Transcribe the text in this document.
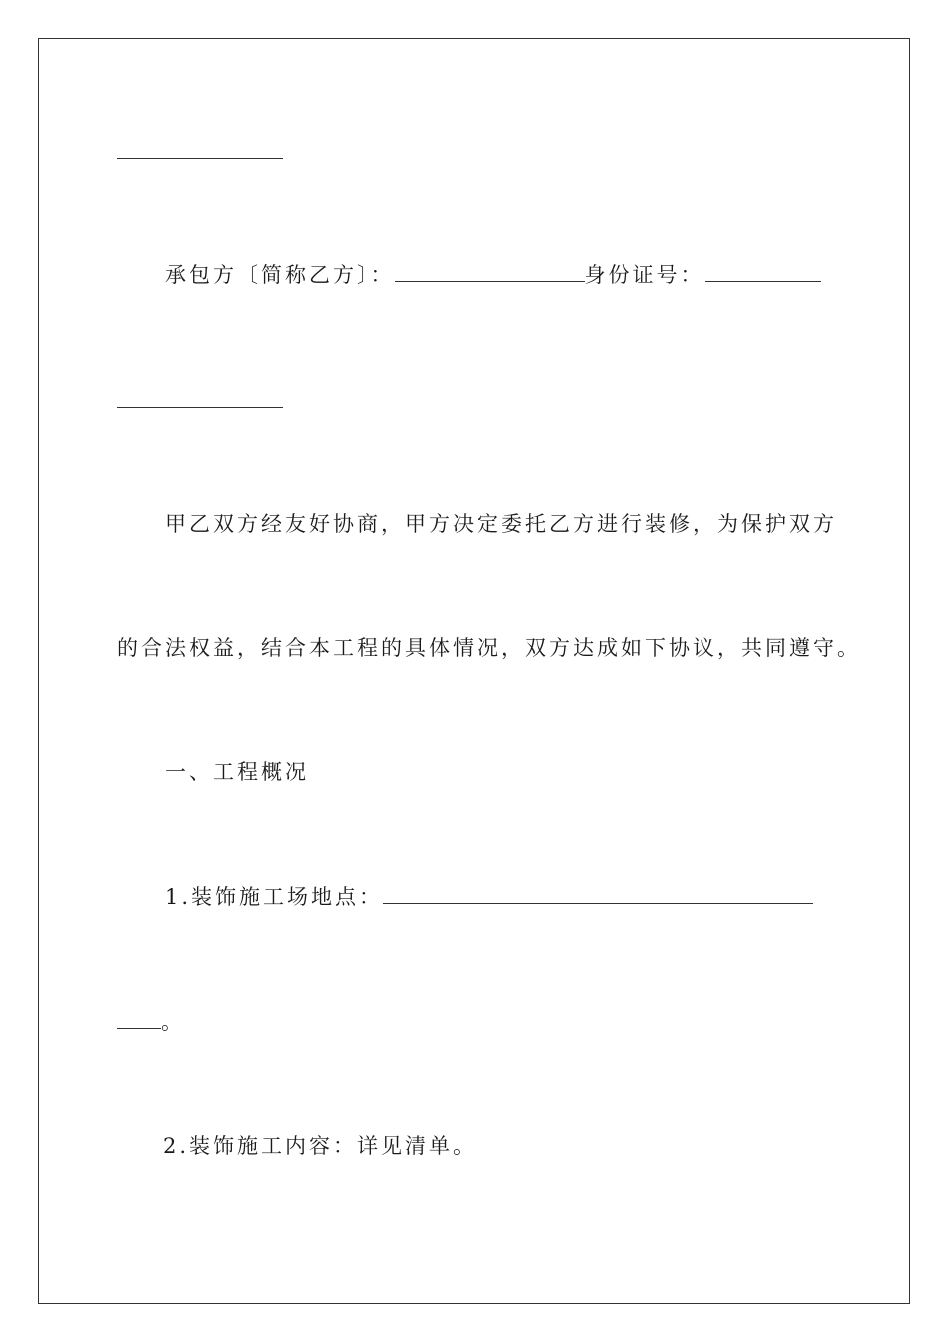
承包方〔简称乙方〕：	身份证号：
甲乙双方经友好协商，甲方决定委托乙方进行装修，为保护双方
的合法权益，结合本工程的具体情况，双方达成如下协议，共同遵守。
一、工程概况
1.装饰施工场地点：
。
2.装饰施工内容：详见清单。
